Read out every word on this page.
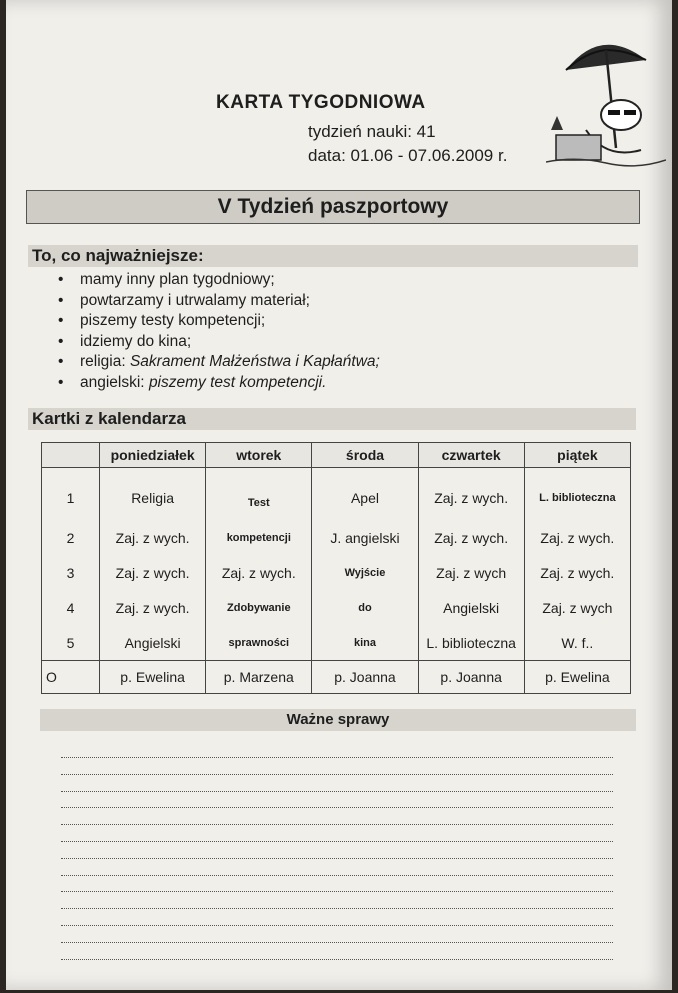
KARTA TYGODNIOWA
tydzień nauki: 41
data: 01.06 - 07.06.2009 r.
V Tydzień paszportowy
To, co najważniejsze:
• mamy inny plan tygodniowy;
• powtarzamy i utrwalamy materiał;
• piszemy testy kompetencji;
• idziemy do kina;
• religia: Sakrament Małżeństwa i Kapłańtwa;
• angielski: piszemy test kompetencji.
Kartki z kalendarza
	poniedziałek	wtorek	środa	czwartek	piątek
1	Religia	Test	Apel	Zaj. z wych.	L. biblioteczna
2	Zaj. z wych.	kompetencji	J. angielski	Zaj. z wych.	Zaj. z wych.
3	Zaj. z wych.	Zaj. z wych.	Wyjście	Zaj. z wych	Zaj. z wych.
4	Zaj. z wych.	Zdobywanie	do	Angielski	Zaj. z wych
5	Angielski	sprawności	kina	L. biblioteczna	W. f..
O	p. Ewelina	p. Marzena	p. Joanna	p. Joanna	p. Ewelina
Ważne sprawy
